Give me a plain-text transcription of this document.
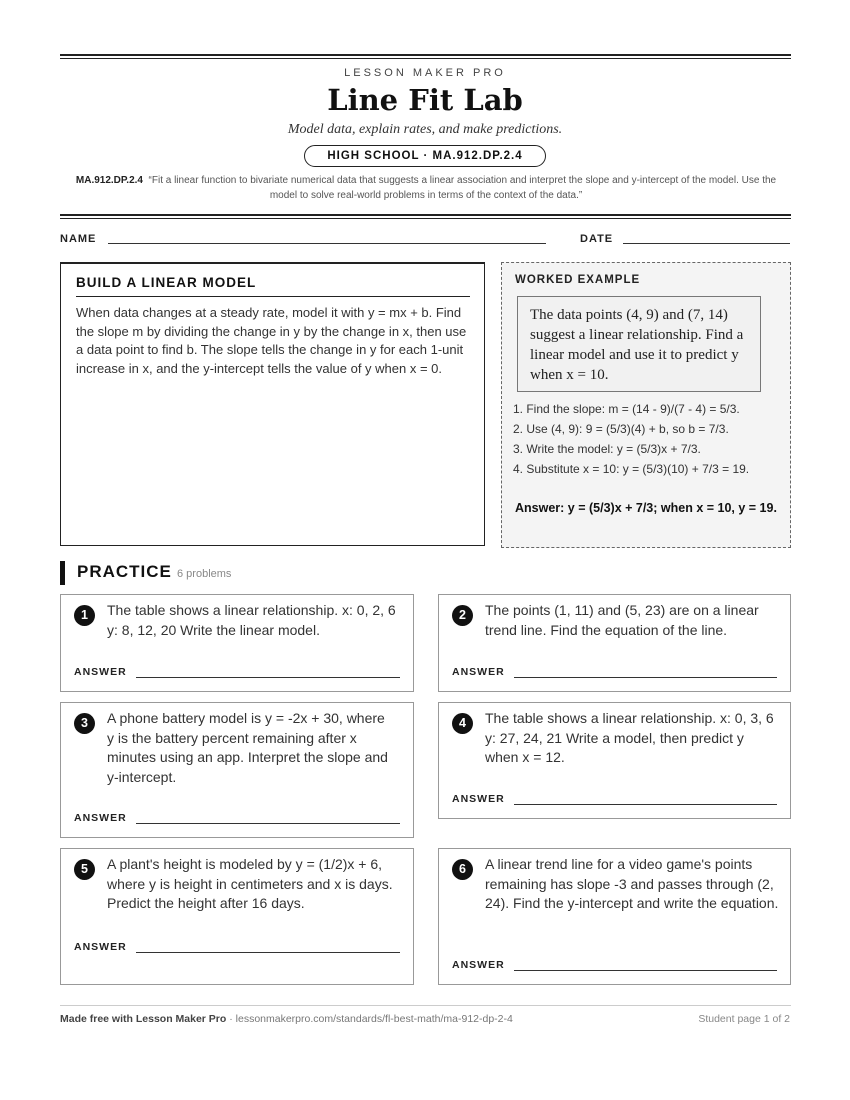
LESSON MAKER PRO
Line Fit Lab
Model data, explain rates, and make predictions.
HIGH SCHOOL · MA.912.DP.2.4
MA.912.DP.2.4 “Fit a linear function to bivariate numerical data that suggests a linear association and interpret the slope and y-intercept of the model. Use the model to solve real-world problems in terms of the context of the data.”
NAME	DATE
BUILD A LINEAR MODEL

When data changes at a steady rate, model it with y = mx + b. Find the slope m by dividing the change in y by the change in x, then use a data point to find b. The slope tells the change in y for each 1-unit increase in x, and the y-intercept tells the value of y when x = 0.

WORKED EXAMPLE
The data points (4, 9) and (7, 14) suggest a linear relationship. Find a linear model and use it to predict y when x = 10.
1. Find the slope: m = (14 - 9)/(7 - 4) = 5/3.
2. Use (4, 9): 9 = (5/3)(4) + b, so b = 7/3.
3. Write the model: y = (5/3)x + 7/3.
4. Substitute x = 10: y = (5/3)(10) + 7/3 = 19.
Answer: y = (5/3)x + 7/3; when x = 10, y = 19.
PRACTICE 6 problems
1	The table shows a linear relationship. x: 0, 2, 6 y: 8, 12, 20 Write the linear model.
ANSWER
2	The points (1, 11) and (5, 23) are on a linear trend line. Find the equation of the line.
ANSWER
3	A phone battery model is y = -2x + 30, where y is the battery percent remaining after x minutes using an app. Interpret the slope and y-intercept.
ANSWER
4	The table shows a linear relationship. x: 0, 3, 6 y: 27, 24, 21 Write a model, then predict y when x = 12.
ANSWER
5	A plant's height is modeled by y = (1/2)x + 6, where y is height in centimeters and x is days. Predict the height after 16 days.
ANSWER
6	A linear trend line for a video game's points remaining has slope -3 and passes through (2, 24). Find the y-intercept and write the equation.
ANSWER
Made free with Lesson Maker Pro · lessonmakerpro.com/standards/fl-best-math/ma-912-dp-2-4	Student page 1 of 2
